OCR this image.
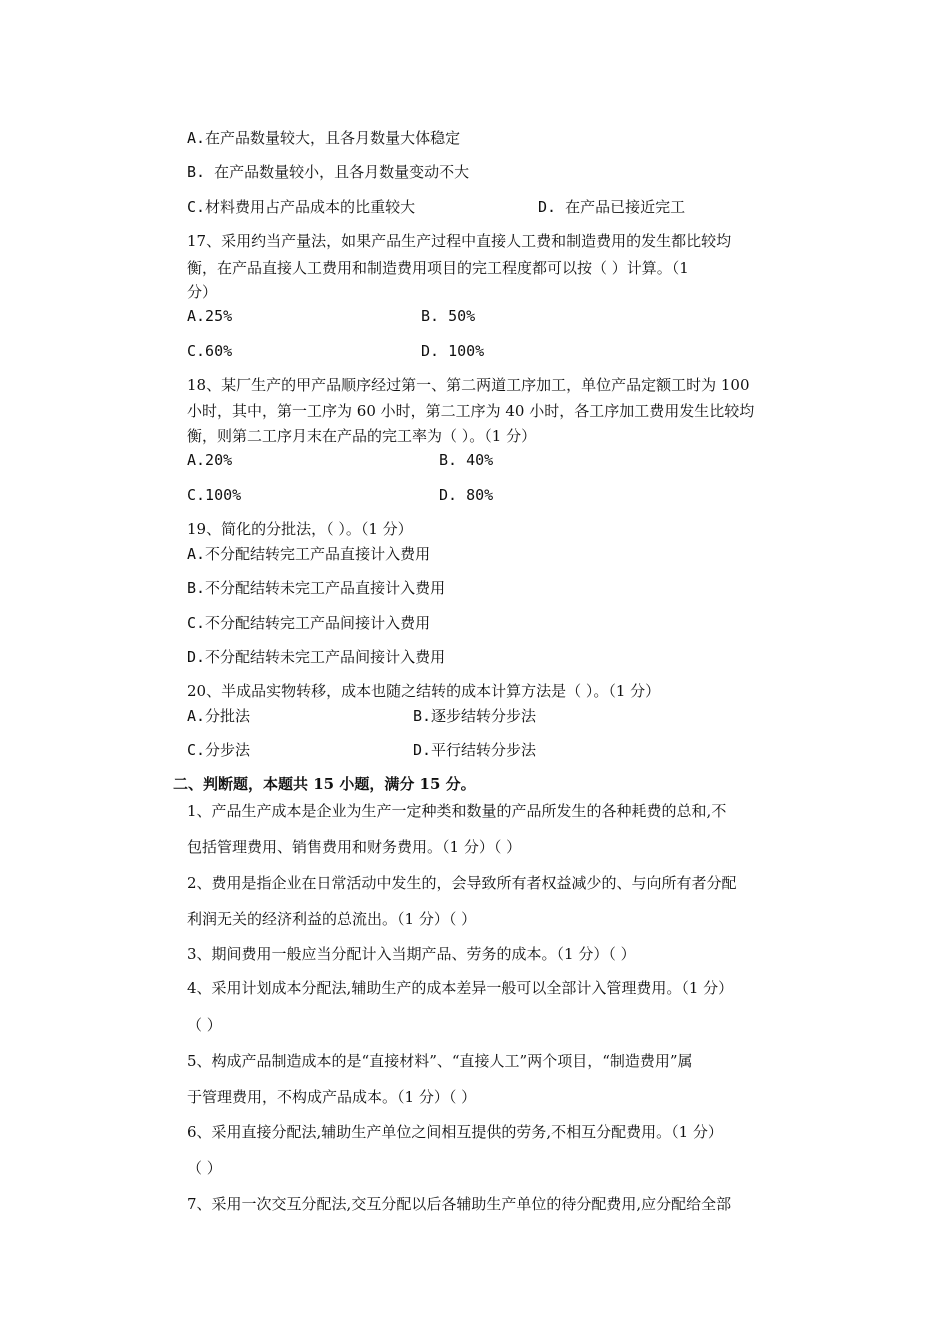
A.在产品数量较大，且各月数量大体稳定
B. 在产品数量较小，且各月数量变动不大
C.材料费用占产品成本的比重较大	D. 在产品已接近完工
17、采用约当产量法，如果产品生产过程中直接人工费和制造费用的发生都比较均
衡，在产品直接人工费用和制造费用项目的完工程度都可以按（ ）计算。（1
分）
A.25%	B. 50%
C.60%	D. 100%
18、某厂生产的甲产品顺序经过第一、第二两道工序加工，单位产品定额工时为 100
小时，其中，第一工序为 60 小时，第二工序为 40 小时，各工序加工费用发生比较均
衡，则第二工序月末在产品的完工率为（ ）。（1 分）
A.20%	B. 40%
C.100%	D. 80%
19、简化的分批法，（ ）。（1 分）
A.不分配结转完工产品直接计入费用
B.不分配结转未完工产品直接计入费用
C.不分配结转完工产品间接计入费用
D.不分配结转未完工产品间接计入费用
20、半成品实物转移，成本也随之结转的成本计算方法是（ ）。（1 分）
A.分批法	B.逐步结转分步法
C.分步法	D.平行结转分步法
二、判断题，本题共 15 小题，满分 15 分。
1、产品生产成本是企业为生产一定种类和数量的产品所发生的各种耗费的总和,不
包括管理费用、销售费用和财务费用。（1 分）（ ）
2、费用是指企业在日常活动中发生的，会导致所有者权益减少的、与向所有者分配
利润无关的经济利益的总流出。（1 分）（ ）
3、期间费用一般应当分配计入当期产品、劳务的成本。（1 分）（ ）
4、采用计划成本分配法,辅助生产的成本差异一般可以全部计入管理费用。（1 分）
（ ）
5、构成产品制造成本的是“直接材料”、“直接人工”两个项目，“制造费用”属
于管理费用，不构成产品成本。（1 分）（ ）
6、采用直接分配法,辅助生产单位之间相互提供的劳务,不相互分配费用。（1 分）
（ ）
7、采用一次交互分配法,交互分配以后各辅助生产单位的待分配费用,应分配给全部
